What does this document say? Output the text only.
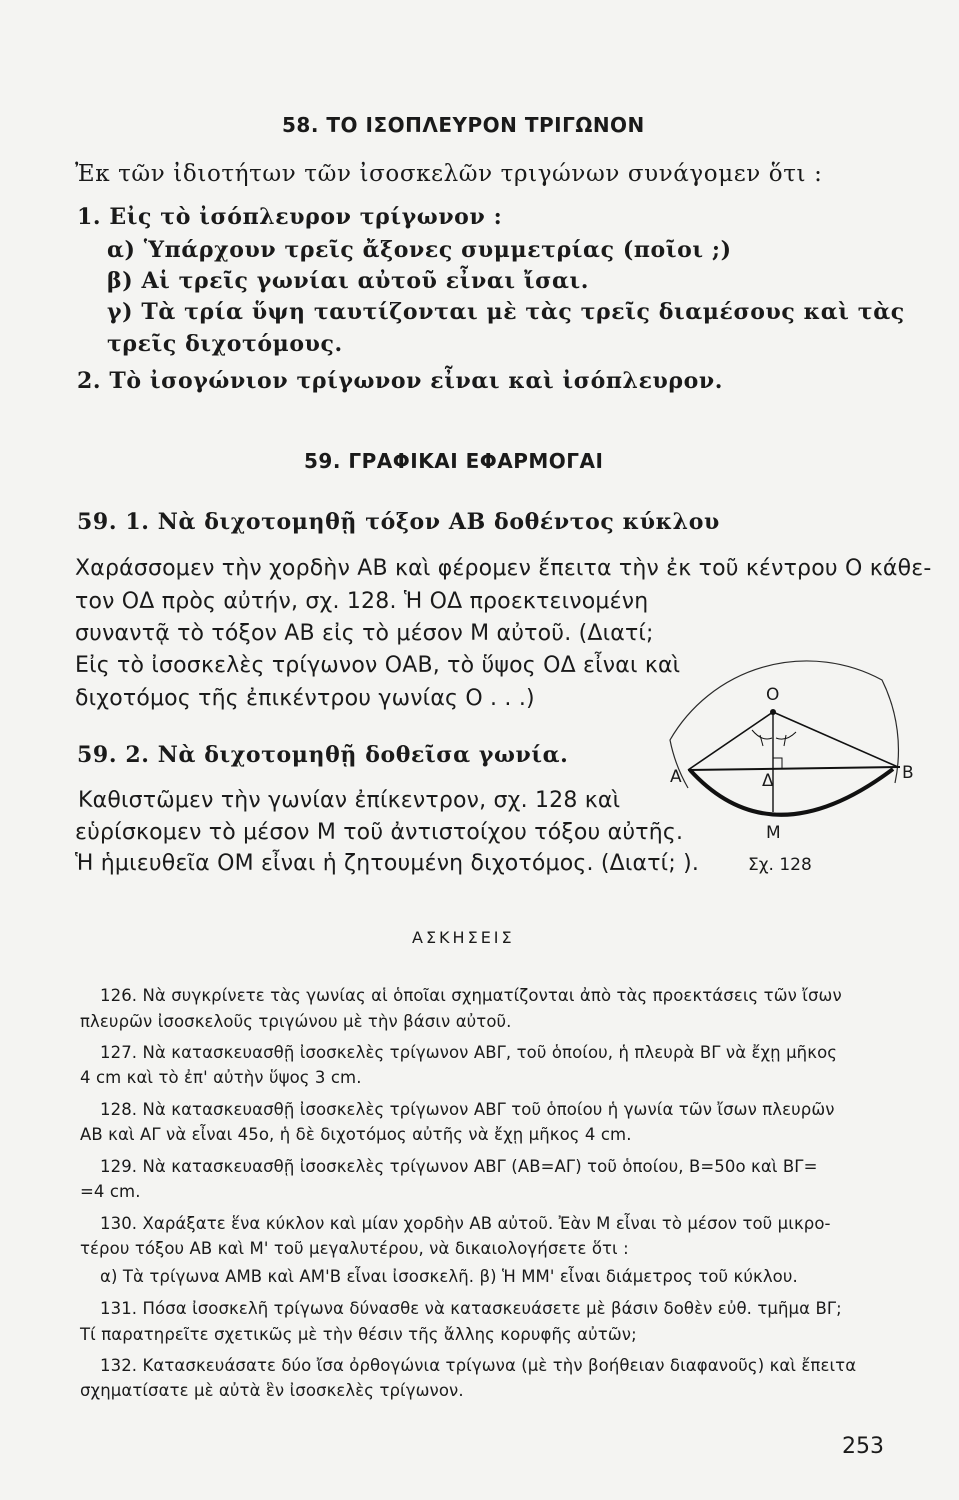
58. ΤΟ ΙΣΟΠΛΕΥΡΟΝ ΤΡΙΓΩΝΟΝ
Ἐκ τῶν ἰδιοτήτων τῶν ἰσοσκελῶν τριγώνων συνάγομεν ὅτι :
1. Εἰς τὸ ἰσόπλευρον τρίγωνον :
α) Ὑπάρχουν τρεῖς ἄξονες συμμετρίας (ποῖοι ;)
β) Αἱ τρεῖς γωνίαι αὐτοῦ εἶναι ἴσαι.
γ) Τὰ τρία ὕψη ταυτίζονται μὲ τὰς τρεῖς διαμέσους καὶ τὰς
τρεῖς διχοτόμους.
2. Τὸ ἰσογώνιον τρίγωνον εἶναι καὶ ἰσόπλευρον.
59. ΓΡΑΦΙΚΑΙ ΕΦΑΡΜΟΓΑΙ
59. 1. Νὰ διχοτομηθῇ τόξον ΑΒ δοθέντος κύκλου
Χαράσσομεν τὴν χορδὴν ΑΒ καὶ φέρομεν ἔπειτα τὴν ἐκ τοῦ κέντρου Ο κάθε-
τον ΟΔ πρὸς αὐτήν, σχ. 128. Ἡ ΟΔ προεκτεινομένη
συναντᾷ τὸ τόξον ΑΒ εἰς τὸ μέσον Μ αὐτοῦ. (Διατί;
Εἰς τὸ ἰσοσκελὲς τρίγωνον ΟΑΒ, τὸ ὕψος ΟΔ εἶναι καὶ
διχοτόμος τῆς ἐπικέντρου γωνίας Ο . . .)
59. 2. Νὰ διχοτομηθῇ δοθεῖσα γωνία.
Καθιστῶμεν τὴν γωνίαν ἐπίκεντρον, σχ. 128 καὶ
εὑρίσκομεν τὸ μέσον Μ τοῦ ἀντιστοίχου τόξου αὐτῆς.
Ἡ ἡμιευθεῖα ΟΜ εἶναι ἡ ζητουμένη διχοτόμος. (Διατί; ).
Ο
Α	Β
Δ
Μ
Σχ. 128
ΑΣΚΗΣΕΙΣ
126. Νὰ συγκρίνετε τὰς γωνίας αἱ ὁποῖαι σχηματίζονται ἀπὸ τὰς προεκτάσεις τῶν ἴσων
πλευρῶν ἰσοσκελοῦς τριγώνου μὲ τὴν βάσιν αὐτοῦ.
127. Νὰ κατασκευασθῇ ἰσοσκελὲς τρίγωνον ΑΒΓ, τοῦ ὁποίου, ἡ πλευρὰ ΒΓ νὰ ἔχῃ μῆκος
4 cm καὶ τὸ ἐπ' αὐτὴν ὕψος 3 cm.
128. Νὰ κατασκευασθῇ ἰσοσκελὲς τρίγωνον ΑΒΓ τοῦ ὁποίου ἡ γωνία τῶν ἴσων πλευρῶν
ΑΒ καὶ ΑΓ νὰ εἶναι 45ο, ἡ δὲ διχοτόμος αὐτῆς νὰ ἔχῃ μῆκος 4 cm.
129. Νὰ κατασκευασθῇ ἰσοσκελὲς τρίγωνον ΑΒΓ (ΑΒ=ΑΓ) τοῦ ὁποίου, Β=50ο καὶ ΒΓ=
=4 cm.
130. Χαράξατε ἕνα κύκλον καὶ μίαν χορδὴν ΑΒ αὐτοῦ. Ἐὰν Μ εἶναι τὸ μέσον τοῦ μικρο-
τέρου τόξου ΑΒ καὶ Μ' τοῦ μεγαλυτέρου, νὰ δικαιολογήσετε ὅτι :
α) Τὰ τρίγωνα ΑΜΒ καὶ ΑΜ'Β εἶναι ἰσοσκελῆ. β) Ἡ ΜΜ' εἶναι διάμετρος τοῦ κύκλου.
131. Πόσα ἰσοσκελῆ τρίγωνα δύνασθε νὰ κατασκευάσετε μὲ βάσιν δοθὲν εὐθ. τμῆμα ΒΓ;
Τί παρατηρεῖτε σχετικῶς μὲ τὴν θέσιν τῆς ἄλλης κορυφῆς αὐτῶν;
132. Κατασκευάσατε δύο ἴσα ὀρθογώνια τρίγωνα (μὲ τὴν βοήθειαν διαφανοῦς) καὶ ἔπειτα
σχηματίσατε μὲ αὐτὰ ἓν ἰσοσκελὲς τρίγωνον.
253
